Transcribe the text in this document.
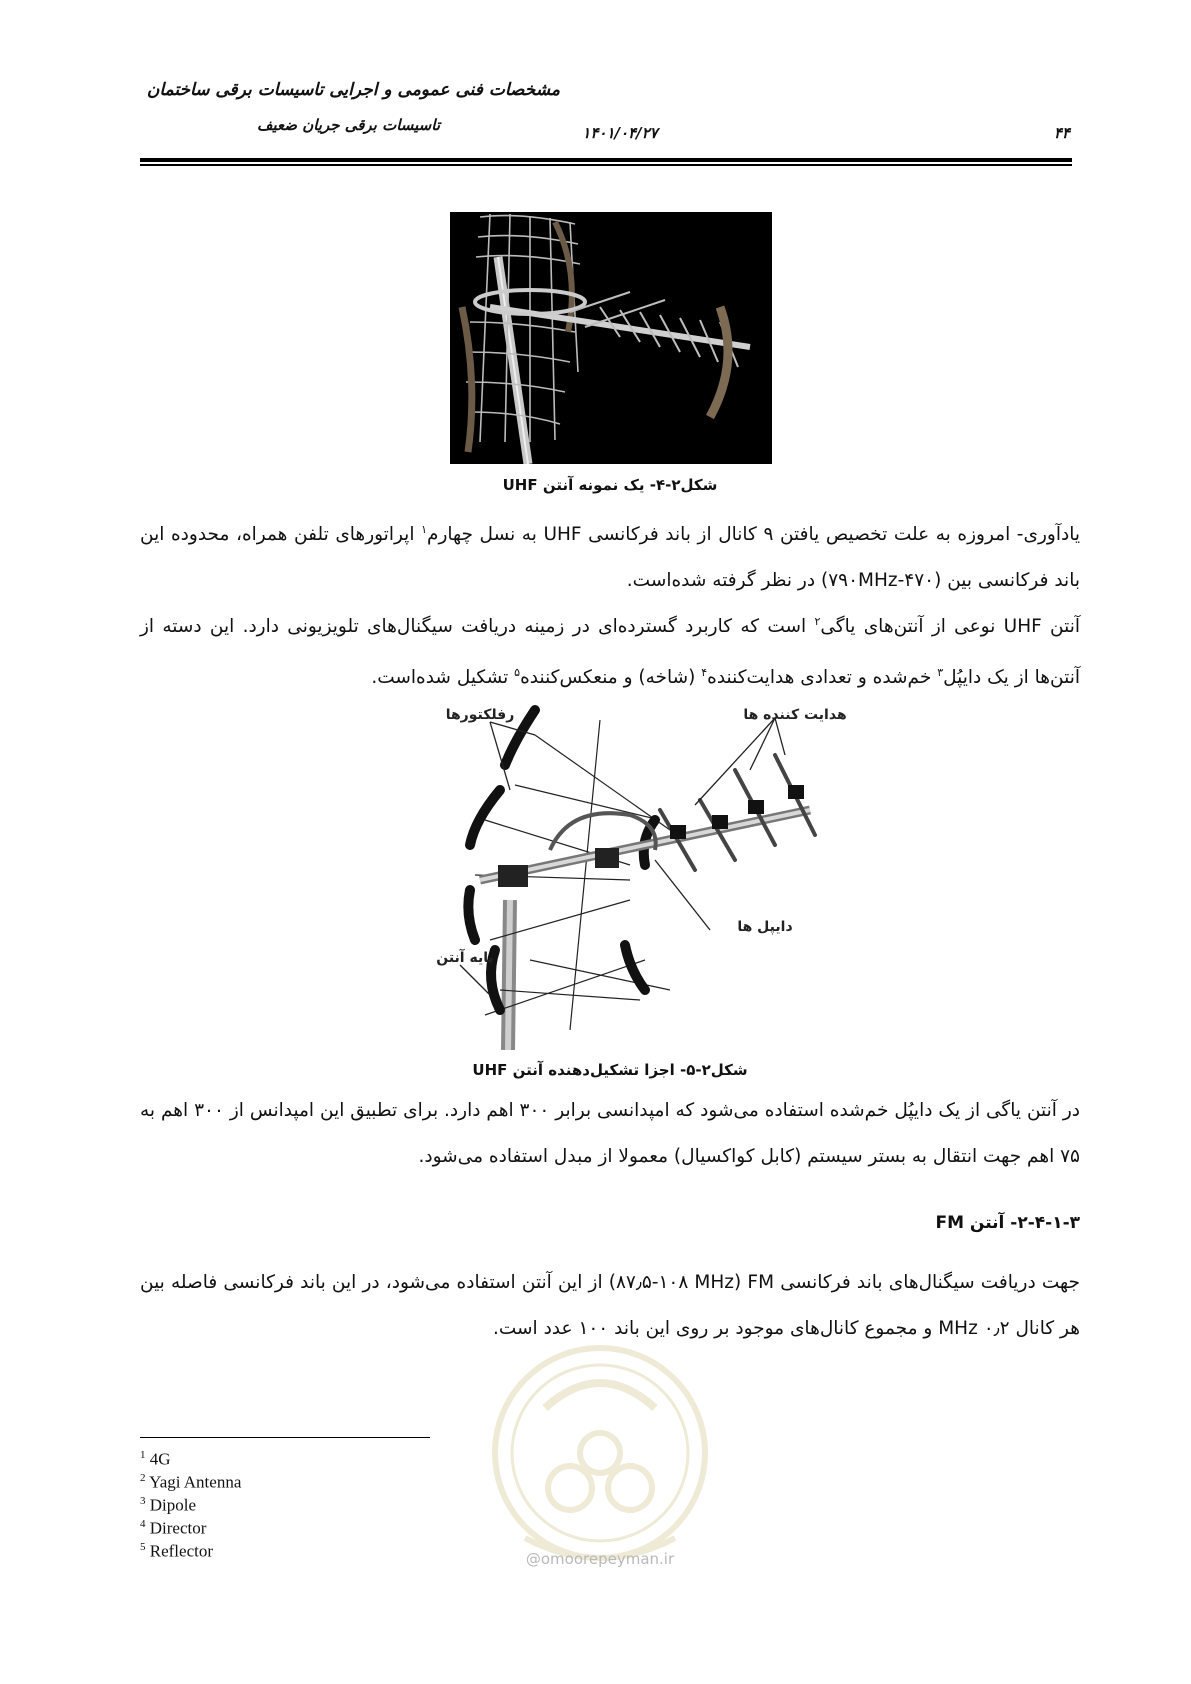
مشخصات فنی عمومی و اجرایی تاسیسات برقی ساختمان
تاسیسات برقی جریان ضعیف	۱۴۰۱/۰۴/۲۷	۴۴
شکل۲-۴- یک نمونه آنتن UHF
یادآوری- امروزه به علت تخصیص یافتن ۹ کانال از باند فرکانسی UHF به نسل چهارم$^۱$ اپراتورهای تلفن همراه، محدوده این باند فرکانسی بین (۴۷۰-۷۹۰MHz) در نظر گرفته شده‌است.
آنتن UHF نوعی از آنتن‌های یاگی$^۲$ است که کاربرد گسترده‌ای در زمینه دریافت سیگنال‌های تلویزیونی دارد. این دسته از آنتن‌ها از یک دایپُل$^۳$ خم‌شده و تعدادی هدایت‌کننده$^۴$ (شاخه) و منعکس‌کننده$^۵$ تشکیل شده‌است.
رفلکتورها	هدایت کننده ها
دایپل ها
پایه آنتن
شکل۲-۵- اجزا تشکیل‌دهنده آنتن UHF
در آنتن یاگی از یک دایپُل خم‌شده استفاده می‌شود که امپدانسی برابر ۳۰۰ اهم دارد. برای تطبیق این امپدانس از ۳۰۰ اهم به ۷۵ اهم جهت انتقال به بستر سیستم (کابل کواکسیال) معمولا از مبدل استفاده می‌شود.
۲-۴-۱-۳- آنتن FM
جهت دریافت سیگنال‌های باند فرکانسی FM (۸۷٫۵-۱۰۸ MHz) از این آنتن استفاده می‌شود، در این باند فرکانسی فاصله بین هر کانال ۰٫۲ MHz و مجموع کانال‌های موجود بر روی این باند ۱۰۰ عدد است.
@omoorepeyman.ir
$^1$ 4G
$^2$ Yagi Antenna
$^3$ Dipole
$^4$ Director
$^5$ Reflector
